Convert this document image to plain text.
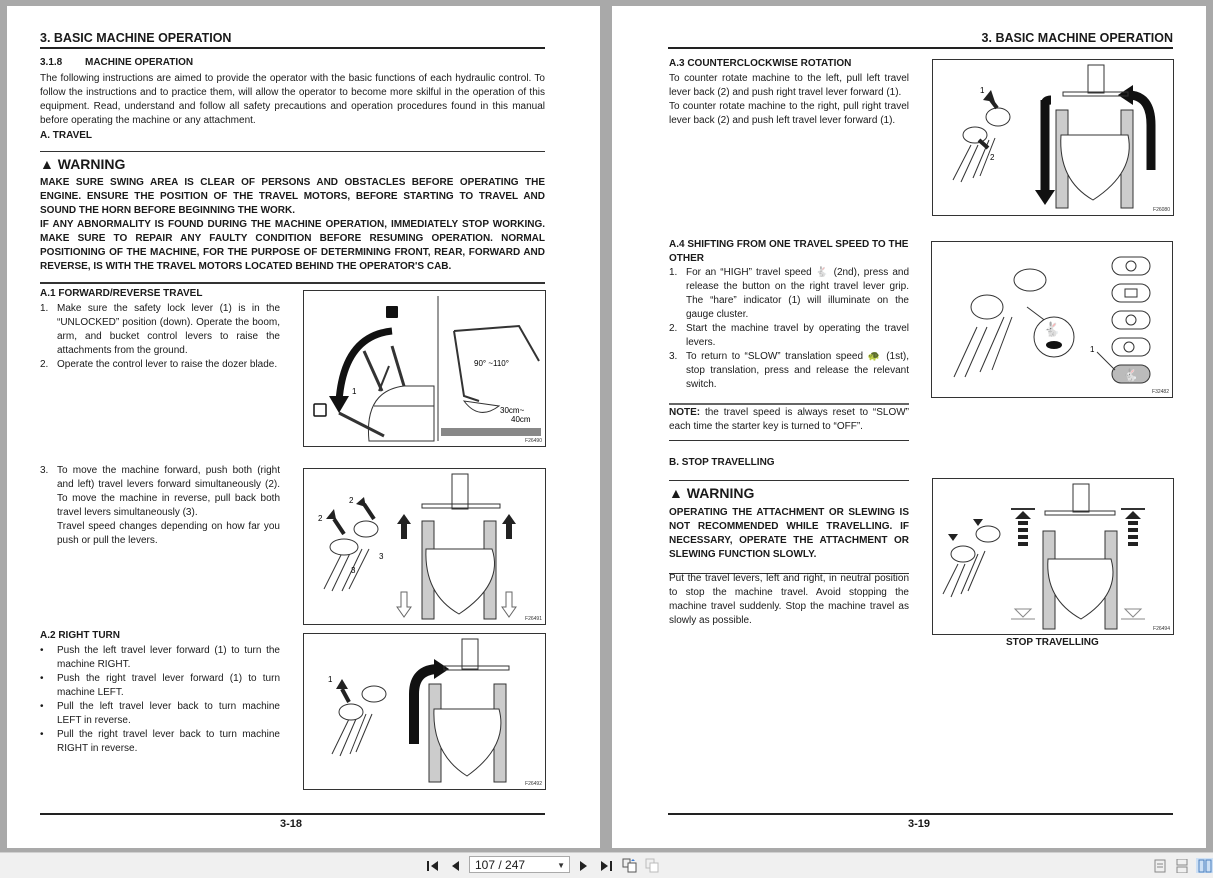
3. BASIC MACHINE OPERATION
3.1.8 MACHINE OPERATION
The following instructions are aimed to provide the operator with the basic functions of each hydraulic control. To follow the instructions and to practice them, will allow the operator to become more skilful in the operation of this equipment. Read, understand and follow all safety precautions and operation procedures found in this manual before operating the machine or any attachment.
A. TRAVEL
▲ WARNING
MAKE SURE SWING AREA IS CLEAR OF PERSONS AND OBSTACLES BEFORE OPERATING THE ENGINE. ENSURE THE POSITION OF THE TRAVEL MOTORS, BEFORE STARTING TO TRAVEL AND SOUND THE HORN BEFORE BEGINNING THE WORK.
IF ANY ABNORMALITY IS FOUND DURING THE MACHINE OPERATION, IMMEDIATELY STOP WORKING. MAKE SURE TO REPAIR ANY FAULTY CONDITION BEFORE RESUMING OPERATION. NORMAL POSITIONING OF THE MACHINE, FOR THE PURPOSE OF DETERMINING FRONT, REAR, FORWARD AND REVERSE, IS WITH THE TRAVEL MOTORS LOCATED BEHIND THE OPERATOR'S CAB.
A.1 FORWARD/REVERSE TRAVEL
1. Make sure the safety lock lever (1) is in the “UNLOCKED” position (down). Operate the boom, arm, and bucket control levers to raise the attachments from the ground.
2. Operate the control lever to raise the dozer blade.
1
90° ~110°
30cm~
40cm
F26490
3. To move the machine forward, push both (right and left) travel levers forward simultaneously (2). To move the machine in reverse, pull back both travel levers simultaneously (3).
Travel speed changes depending on how far you push or pull the levers.
2
2
3
3
F26491
A.2 RIGHT TURN
• Push the left travel lever forward (1) to turn the machine RIGHT.
• Push the right travel lever forward (1) to turn machine LEFT.
• Pull the left travel lever back to turn machine LEFT in reverse.
• Pull the right travel lever back to turn machine RIGHT in reverse.
1
F26492
3-18
3. BASIC MACHINE OPERATION
A.3 COUNTERCLOCKWISE ROTATION
To counter rotate machine to the left, pull left travel lever back (2) and push right travel lever forward (1).
To counter rotate machine to the right, pull right travel lever back (2) and push left travel lever forward (1).
1
2
F26080
A.4 SHIFTING FROM ONE TRAVEL SPEED TO THE OTHER
1. For an “HIGH” travel speed 🐇 (2nd), press and release the button on the right travel lever grip. The “hare” indicator (1) will illuminate on the gauge cluster.
2. Start the machine travel by operating the travel levers.
3. To return to “SLOW” translation speed 🐢 (1st), stop translation, press and release the relevant switch.
NOTE: the travel speed is always reset to “SLOW” each time the starter key is turned to “OFF”.
🐇
🐇
1
F32482
B. STOP TRAVELLING
▲ WARNING
OPERATING THE ATTACHMENT OR SLEWING IS NOT RECOMMENDED WHILE TRAVELLING. IF NECESSARY, OPERATE THE ATTACHMENT OR SLEWING FUNCTION SLOWLY.
Put the travel levers, left and right, in neutral position to stop the machine travel. Avoid stopping the machine travel suddenly. Stop the machine travel as slowly as possible.
F26494
STOP TRAVELLING
3-19
107 / 247	▼
